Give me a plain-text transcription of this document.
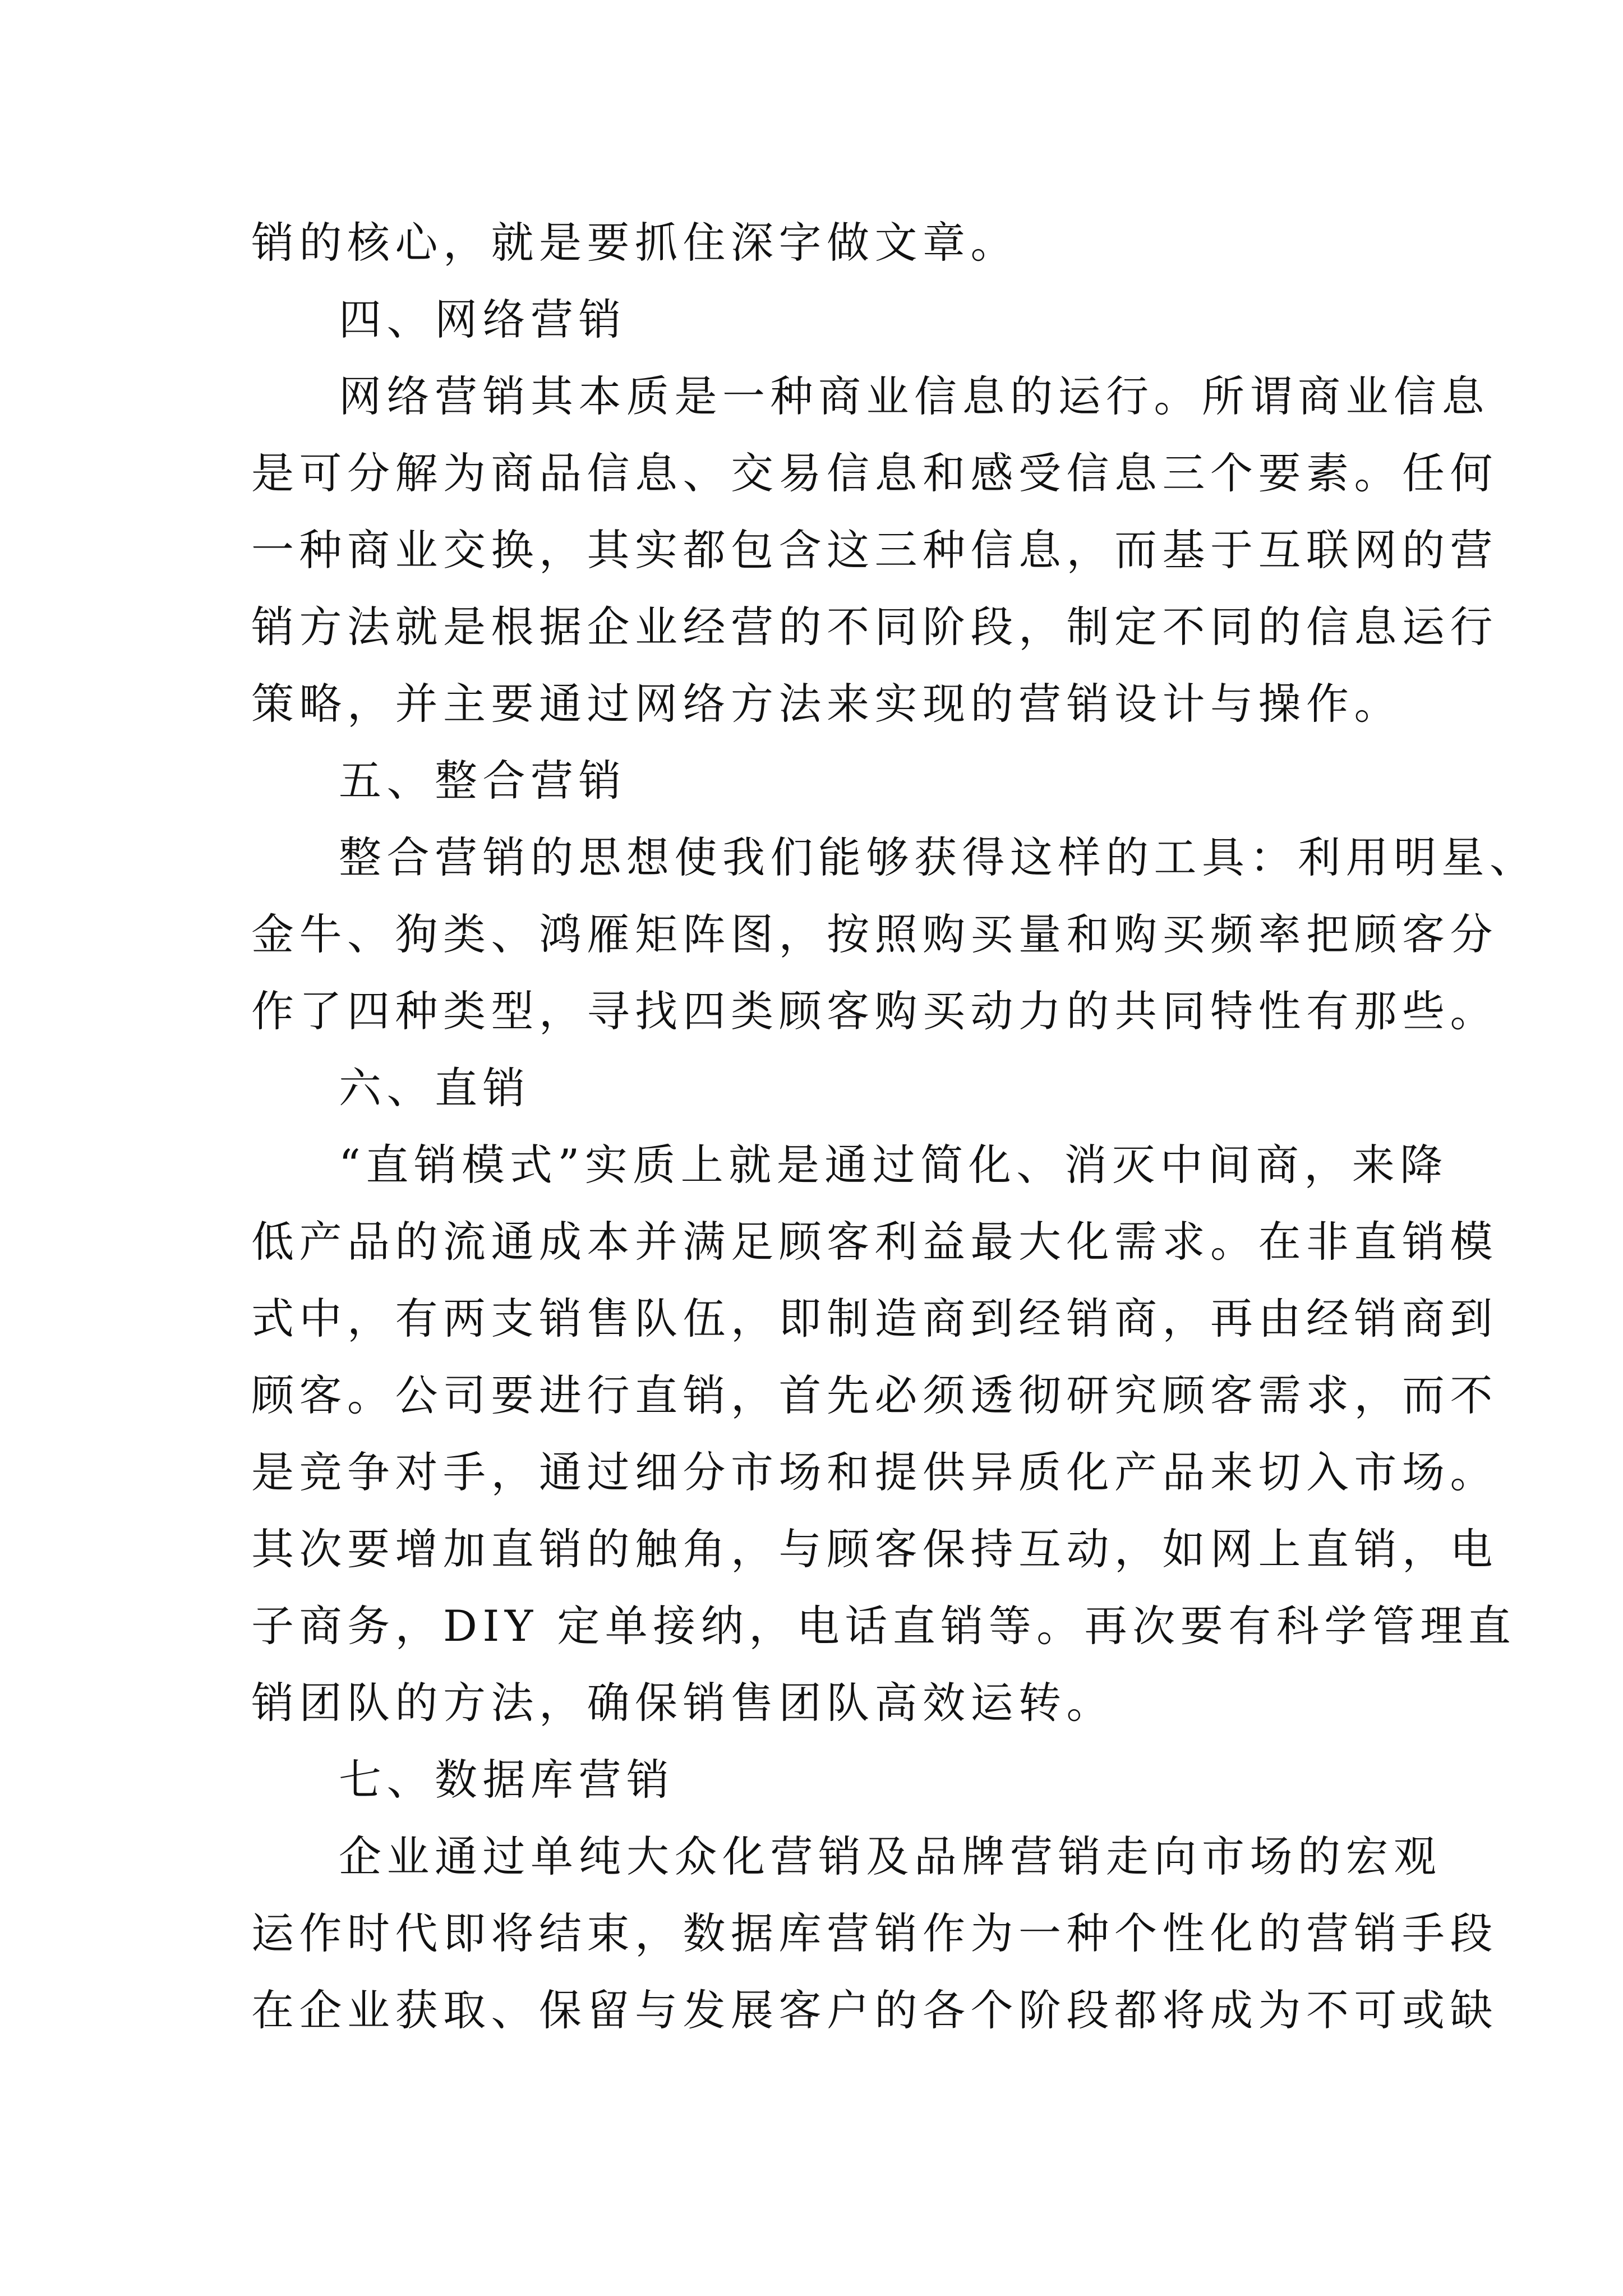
销的核心，就是要抓住深字做文章。

四、网络营销

网络营销其本质是一种商业信息的运行。所谓商业信息

是可分解为商品信息、交易信息和感受信息三个要素。任何

一种商业交换，其实都包含这三种信息，而基于互联网的营

销方法就是根据企业经营的不同阶段，制定不同的信息运行

策略，并主要通过网络方法来实现的营销设计与操作。

五、整合营销

整合营销的思想使我们能够获得这样的工具：利用明星、

金牛、狗类、鸿雁矩阵图，按照购买量和购买频率把顾客分

作了四种类型，寻找四类顾客购买动力的共同特性有那些。

六、直销

“直销模式”实质上就是通过简化、消灭中间商，来降

低产品的流通成本并满足顾客利益最大化需求。在非直销模

式中，有两支销售队伍，即制造商到经销商，再由经销商到

顾客。公司要进行直销，首先必须透彻研究顾客需求，而不

是竞争对手，通过细分市场和提供异质化产品来切入市场。

其次要增加直销的触角，与顾客保持互动，如网上直销，电

子商务，DIY 定单接纳，电话直销等。再次要有科学管理直

销团队的方法，确保销售团队高效运转。

七、数据库营销

企业通过单纯大众化营销及品牌营销走向市场的宏观

运作时代即将结束，数据库营销作为一种个性化的营销手段

在企业获取、保留与发展客户的各个阶段都将成为不可或缺
